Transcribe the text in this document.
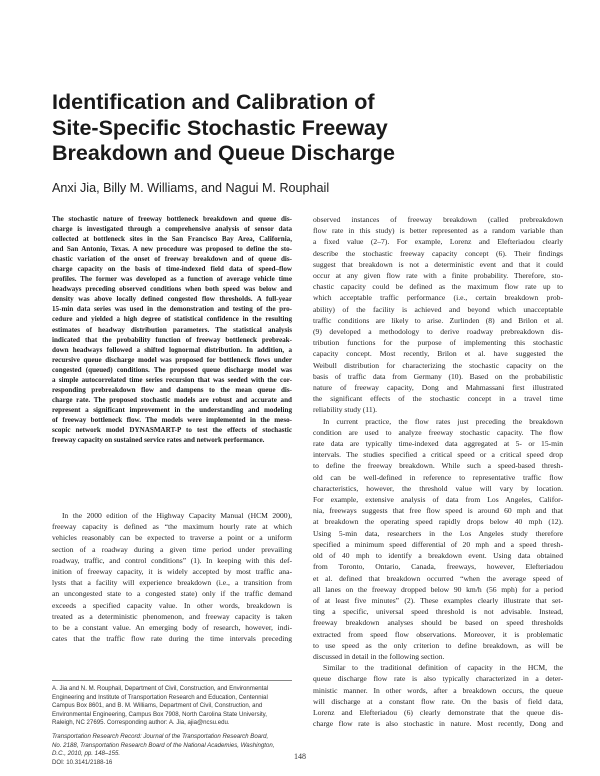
Identification and Calibration of
Site-Specific Stochastic Freeway
Breakdown and Queue Discharge
Anxi Jia, Billy M. Williams, and Nagui M. Rouphail
The stochastic nature of freeway bottleneck breakdown and queue dis-
charge is investigated through a comprehensive analysis of sensor data
collected at bottleneck sites in the San Francisco Bay Area, California,
and San Antonio, Texas. A new procedure was proposed to define the sto-
chastic variation of the onset of freeway breakdown and of queue dis-
charge capacity on the basis of time-indexed field data of speed–flow
profiles. The former was developed as a function of average vehicle time
headways preceding observed conditions when both speed was below and
density was above locally defined congested flow thresholds. A full-year
15-min data series was used in the demonstration and testing of the pro-
cedure and yielded a high degree of statistical confidence in the resulting
estimates of headway distribution parameters. The statistical analysis
indicated that the probability function of freeway bottleneck prebreak-
down headways followed a shifted lognormal distribution. In addition, a
recursive queue discharge model was proposed for bottleneck flows under
congested (queued) conditions. The proposed queue discharge model was
a simple autocorrelated time series recursion that was seeded with the cor-
responding prebreakdown flow and dampens to the mean queue dis-
charge rate. The proposed stochastic models are robust and accurate and
represent a significant improvement in the understanding and modeling
of freeway bottleneck flow. The models were implemented in the meso-
scopic network model DYNASMART-P to test the effects of stochastic
freeway capacity on sustained service rates and network performance.
In the 2000 edition of the Highway Capacity Manual (HCM 2000),
freeway capacity is defined as “the maximum hourly rate at which
vehicles reasonably can be expected to traverse a point or a uniform
section of a roadway during a given time period under prevailing
roadway, traffic, and control conditions” (1). In keeping with this def-
inition of freeway capacity, it is widely accepted by most traffic ana-
lysts that a facility will experience breakdown (i.e., a transition from
an uncongested state to a congested state) only if the traffic demand
exceeds a specified capacity value. In other words, breakdown is
treated as a deterministic phenomenon, and freeway capacity is taken
to be a constant value. An emerging body of research, however, indi-
cates that the traffic flow rate during the time intervals preceding
A. Jia and N. M. Rouphail, Department of Civil, Construction, and Environmental
Engineering and Institute of Transportation Research and Education, Centennial
Campus Box 8601, and B. M. Williams, Department of Civil, Construction, and
Environmental Engineering, Campus Box 7908, North Carolina State University,
Raleigh, NC 27695. Corresponding author: A. Jia, ajia@ncsu.edu.
Transportation Research Record: Journal of the Transportation Research Board,
No. 2188, Transportation Research Board of the National Academies, Washington,
D.C., 2010, pp. 148–155.
DOI: 10.3141/2188-16
observed instances of freeway breakdown (called prebreakdown
flow rate in this study) is better represented as a random variable than
a fixed value (2–7). For example, Lorenz and Elefteriadou clearly
describe the stochastic freeway capacity concept (6). Their findings
suggest that breakdown is not a deterministic event and that it could
occur at any given flow rate with a finite probability. Therefore, sto-
chastic capacity could be defined as the maximum flow rate up to
which acceptable traffic performance (i.e., certain breakdown prob-
ability) of the facility is achieved and beyond which unacceptable
traffic conditions are likely to arise. Zurlinden (8) and Brilon et al.
(9) developed a methodology to derive roadway prebreakdown dis-
tribution functions for the purpose of implementing this stochastic
capacity concept. Most recently, Brilon et al. have suggested the
Weibull distribution for characterizing the stochastic capacity on the
basis of traffic data from Germany (10). Based on the probabilistic
nature of freeway capacity, Dong and Mahmassani first illustrated
the significant effects of the stochastic concept in a travel time
reliability study (11).
In current practice, the flow rates just preceding the breakdown
condition are used to analyze freeway stochastic capacity. The flow
rate data are typically time-indexed data aggregated at 5- or 15-min
intervals. The studies specified a critical speed or a critical speed drop
to define the freeway breakdown. While such a speed-based thresh-
old can be well-defined in reference to representative traffic flow
characteristics, however, the threshold value will vary by location.
For example, extensive analysis of data from Los Angeles, Califor-
nia, freeways suggests that free flow speed is around 60 mph and that
at breakdown the operating speed rapidly drops below 40 mph (12).
Using 5-min data, researchers in the Los Angeles study therefore
specified a minimum speed differential of 20 mph and a speed thresh-
old of 40 mph to identify a breakdown event. Using data obtained
from Toronto, Ontario, Canada, freeways, however, Elefteriadou
et al. defined that breakdown occurred “when the average speed of
all lanes on the freeway dropped below 90 km/h (56 mph) for a period
of at least five minutes” (2). These examples clearly illustrate that set-
ting a specific, universal speed threshold is not advisable. Instead,
freeway breakdown analyses should be based on speed thresholds
extracted from speed flow observations. Moreover, it is problematic
to use speed as the only criterion to define breakdown, as will be
discussed in detail in the following section.
Similar to the traditional definition of capacity in the HCM, the
queue discharge flow rate is also typically characterized in a deter-
ministic manner. In other words, after a breakdown occurs, the queue
will discharge at a constant flow rate. On the basis of field data,
Lorenz and Elefteriadou (6) clearly demonstrate that the queue dis-
charge flow rate is also stochastic in nature. Most recently, Dong and
148
